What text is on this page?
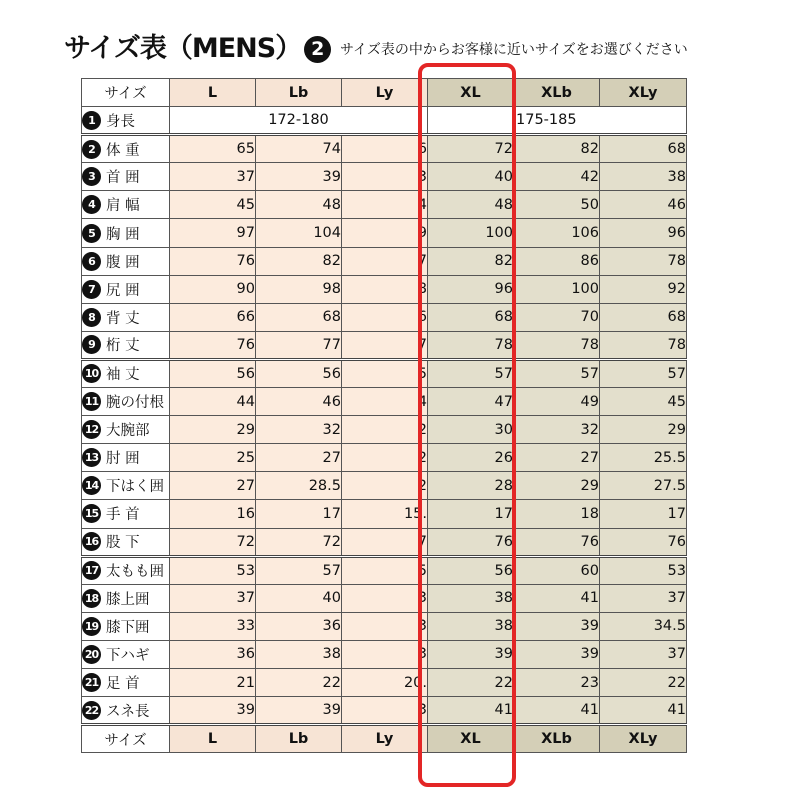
サイズ表（MENS） 2	サイズ表の中からお客様に近いサイズをお選びください
サイズ	L	Lb	Ly	XL	XLb	XLy
1 身長	172-180				175-185	
2 体 重	65	74	6	72	82	68
3 首 囲	37	39	3	40	42	38
4 肩 幅	45	48	4	48	50	46
5 胸 囲	97	104	9	100	106	96
6 腹 囲	76	82	7	82	86	78
7 尻 囲	90	98	8	96	100	92
8 背 丈	66	68	6	68	70	68
9 桁 丈	76	77	7	78	78	78
10 袖 丈	56	56	5	57	57	57
11 腕の付根	44	46	4	47	49	45
12 大腕部	29	32	2	30	32	29
13 肘 囲	25	27	2	26	27	25.5
14 下はく囲	27	28.5	2	28	29	27.5
15 手 首	16	17	15.	17	18	17
16 股 下	72	72	7	76	76	76
17 太もも囲	53	57	5	56	60	53
18 膝上囲	37	40	3	38	41	37
19 膝下囲	33	36	3	38	39	34.5
20 下ハギ	36	38	3	39	39	37
21 足 首	21	22	20.	22	23	22
22 スネ長	39	39	3	41	41	41
サイズ	L	Lb	Ly	XL	XLb	XLy
